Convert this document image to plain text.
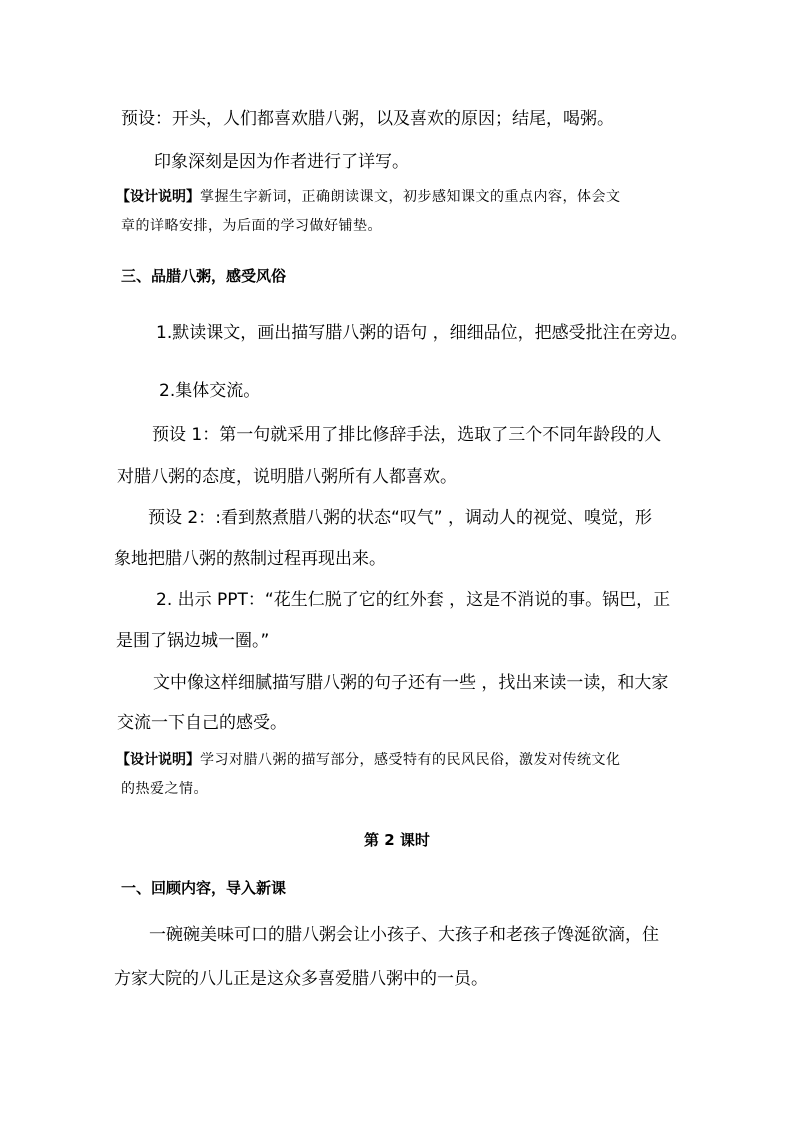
预设：开头，人们都喜欢腊八粥，以及喜欢的原因；结尾，喝粥。
印象深刻是因为作者进行了详写。
【设计说明】掌握生字新词，正确朗读课文，初步感知课文的重点内容，体会文
章的详略安排，为后面的学习做好铺垫。
三、品腊八粥，感受风俗
1.默读课文，画出描写腊八粥的语句 ，细细品位，把感受批注在旁边。
2.集体交流。
预设 1：第一句就采用了排比修辞手法，选取了三个不同年龄段的人
对腊八粥的态度，说明腊八粥所有人都喜欢。
预设 2：:看到熬煮腊八粥的状态“叹气” ，调动人的视觉、嗅觉，形
象地把腊八粥的熬制过程再现出来。
2. 出示 PPT：“花生仁脱了它的红外套 ，这是不消说的事。锅巴，正
是围了锅边城一圈。”
文中像这样细腻描写腊八粥的句子还有一些 ，找出来读一读，和大家
交流一下自己的感受。
【设计说明】学习对腊八粥的描写部分，感受特有的民风民俗，激发对传统文化
的热爱之情。
第 2 课时
一、回顾内容，导入新课
一碗碗美味可口的腊八粥会让小孩子、大孩子和老孩子馋涎欲滴，住
方家大院的八儿正是这众多喜爱腊八粥中的一员。
